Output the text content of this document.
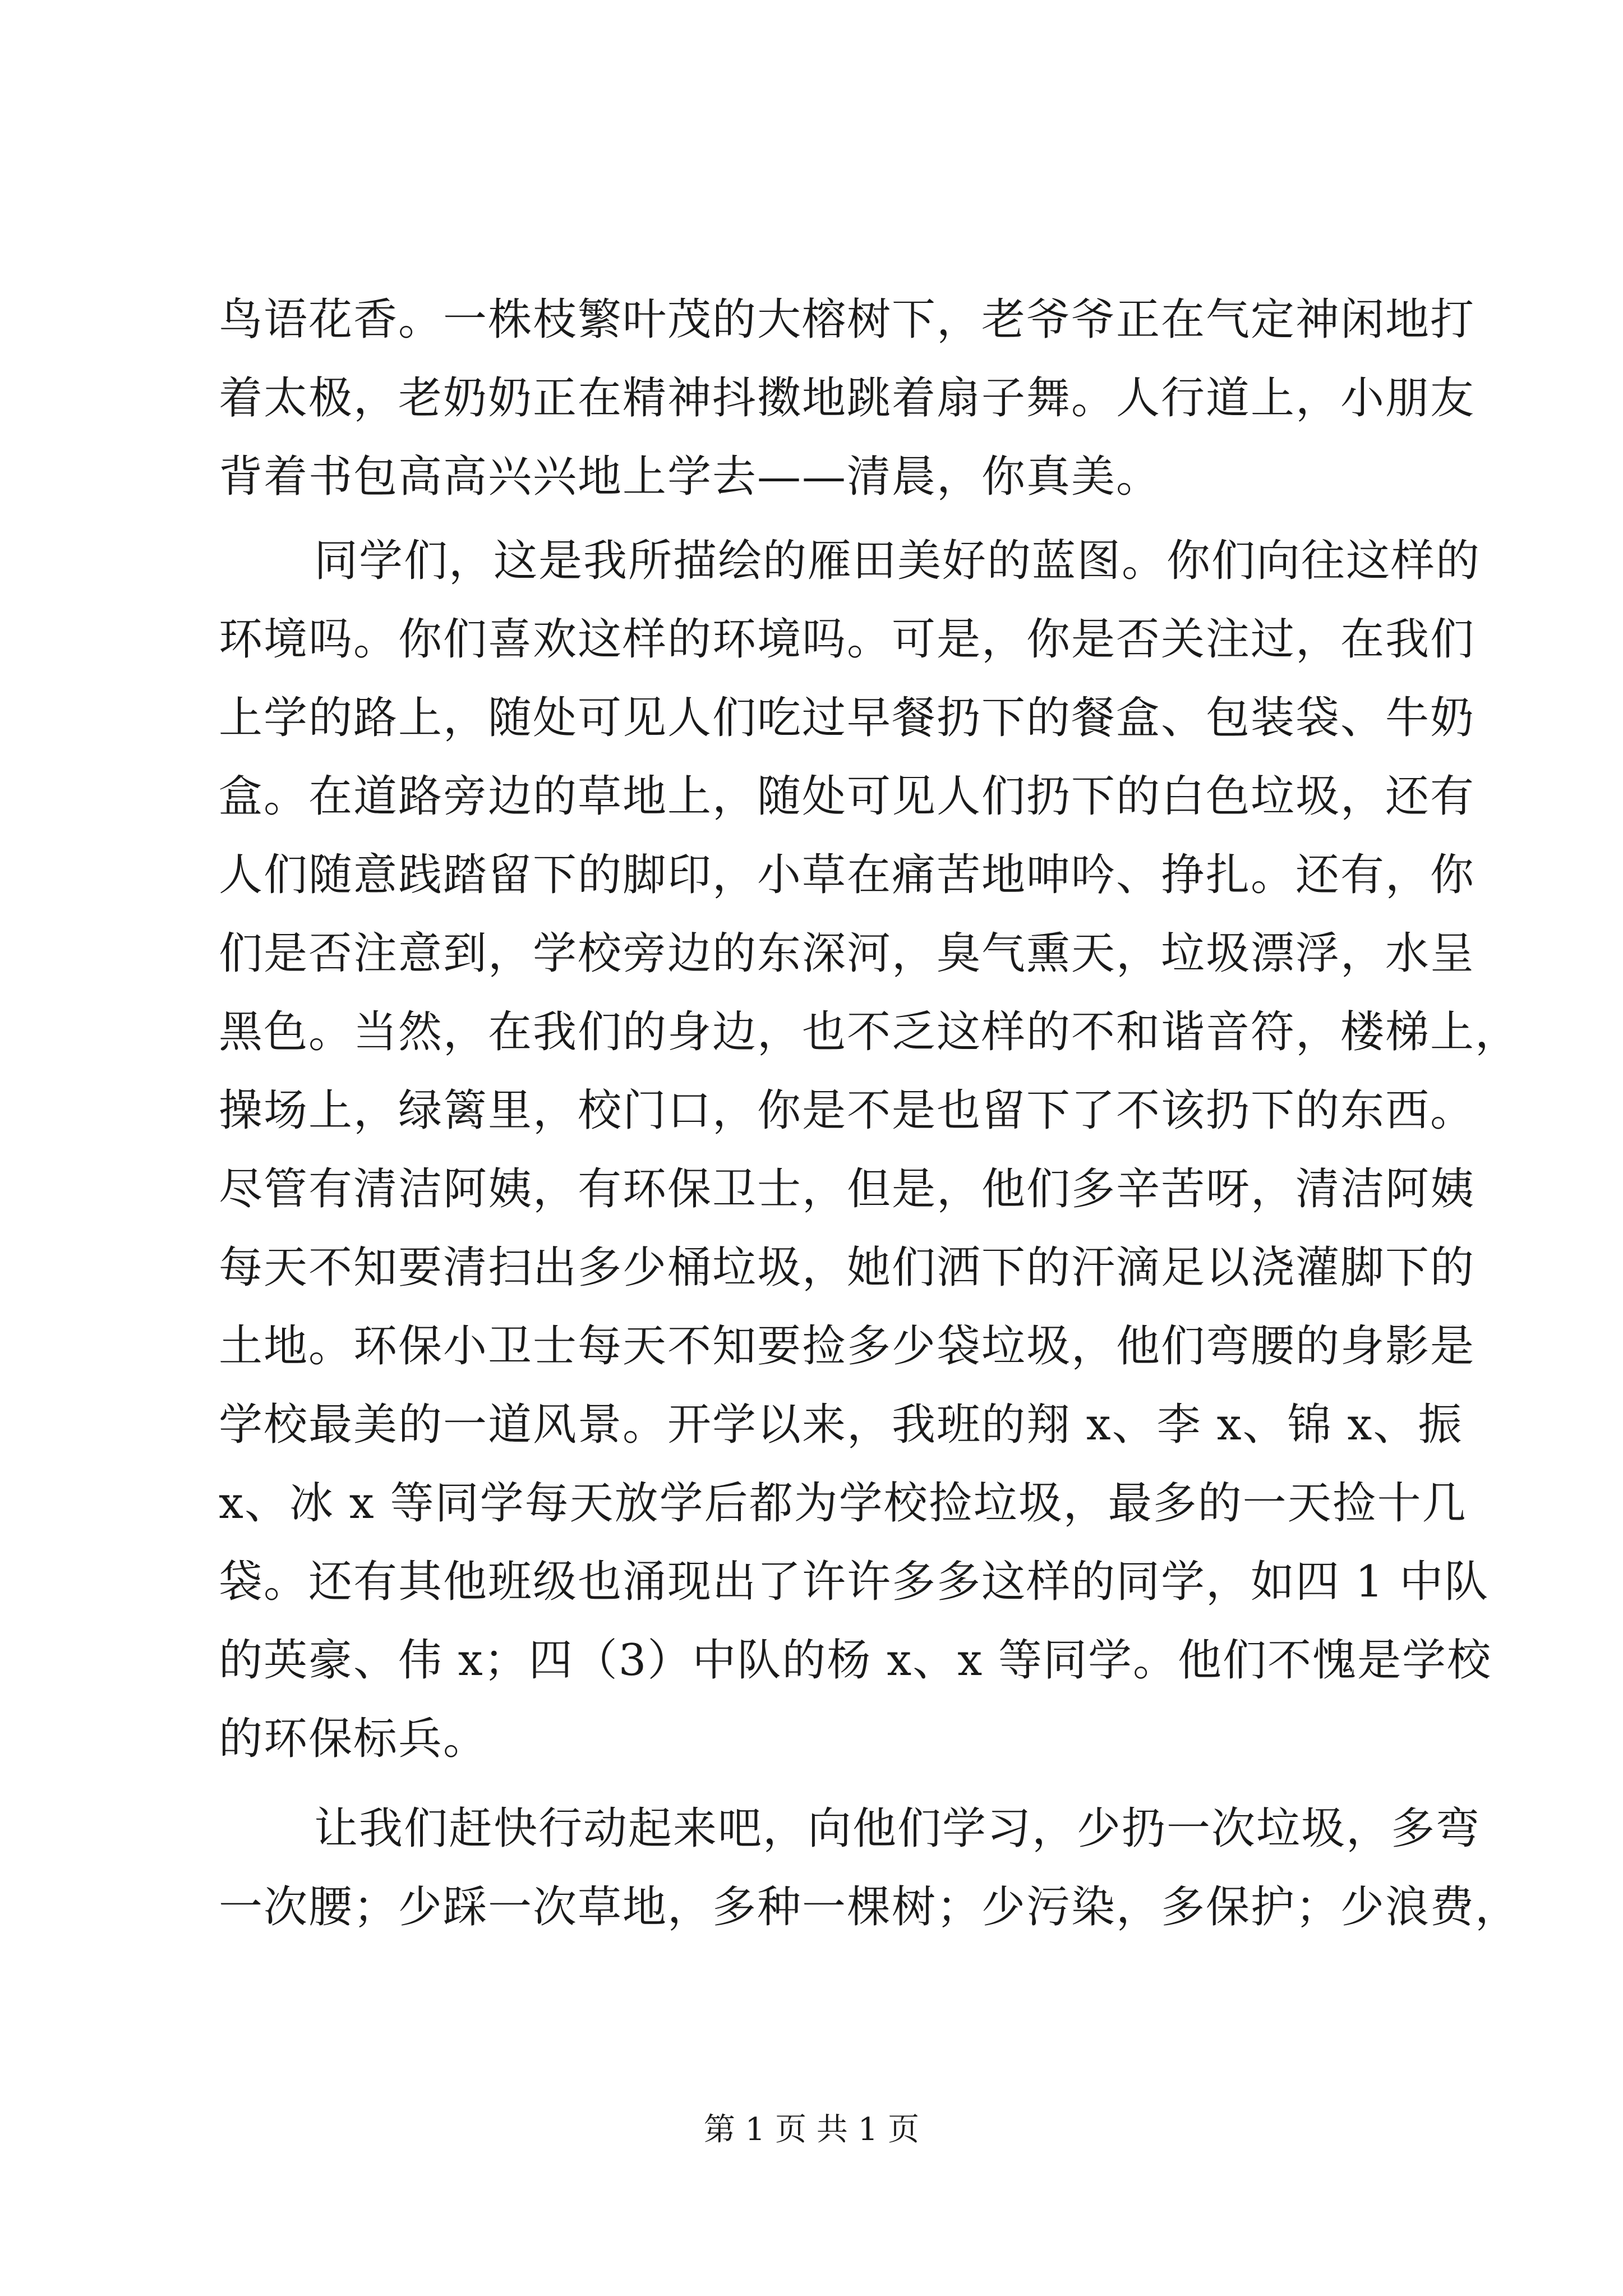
鸟语花香。一株枝繁叶茂的大榕树下，老爷爷正在气定神闲地打
着太极，老奶奶正在精神抖擞地跳着扇子舞。人行道上，小朋友
背着书包高高兴兴地上学去——清晨，你真美。
同学们，这是我所描绘的雁田美好的蓝图。你们向往这样的
环境吗。你们喜欢这样的环境吗。可是，你是否关注过，在我们
上学的路上，随处可见人们吃过早餐扔下的餐盒、包装袋、牛奶
盒。在道路旁边的草地上，随处可见人们扔下的白色垃圾，还有
人们随意践踏留下的脚印，小草在痛苦地呻吟、挣扎。还有，你
们是否注意到，学校旁边的东深河，臭气熏天，垃圾漂浮，水呈
黑色。当然，在我们的身边，也不乏这样的不和谐音符，楼梯上，
操场上，绿篱里，校门口，你是不是也留下了不该扔下的东西。
尽管有清洁阿姨，有环保卫士，但是，他们多辛苦呀，清洁阿姨
每天不知要清扫出多少桶垃圾，她们洒下的汗滴足以浇灌脚下的
土地。环保小卫士每天不知要捡多少袋垃圾，他们弯腰的身影是
学校最美的一道风景。开学以来，我班的翔 x、李 x、锦 x、振
x、冰 x 等同学每天放学后都为学校捡垃圾，最多的一天捡十几
袋。还有其他班级也涌现出了许许多多这样的同学，如四 1 中队
的英豪、伟 x；四（3）中队的杨 x、x 等同学。他们不愧是学校
的环保标兵。
让我们赶快行动起来吧，向他们学习，少扔一次垃圾，多弯
一次腰；少踩一次草地，多种一棵树；少污染，多保护；少浪费，
第 1 页 共 1 页
